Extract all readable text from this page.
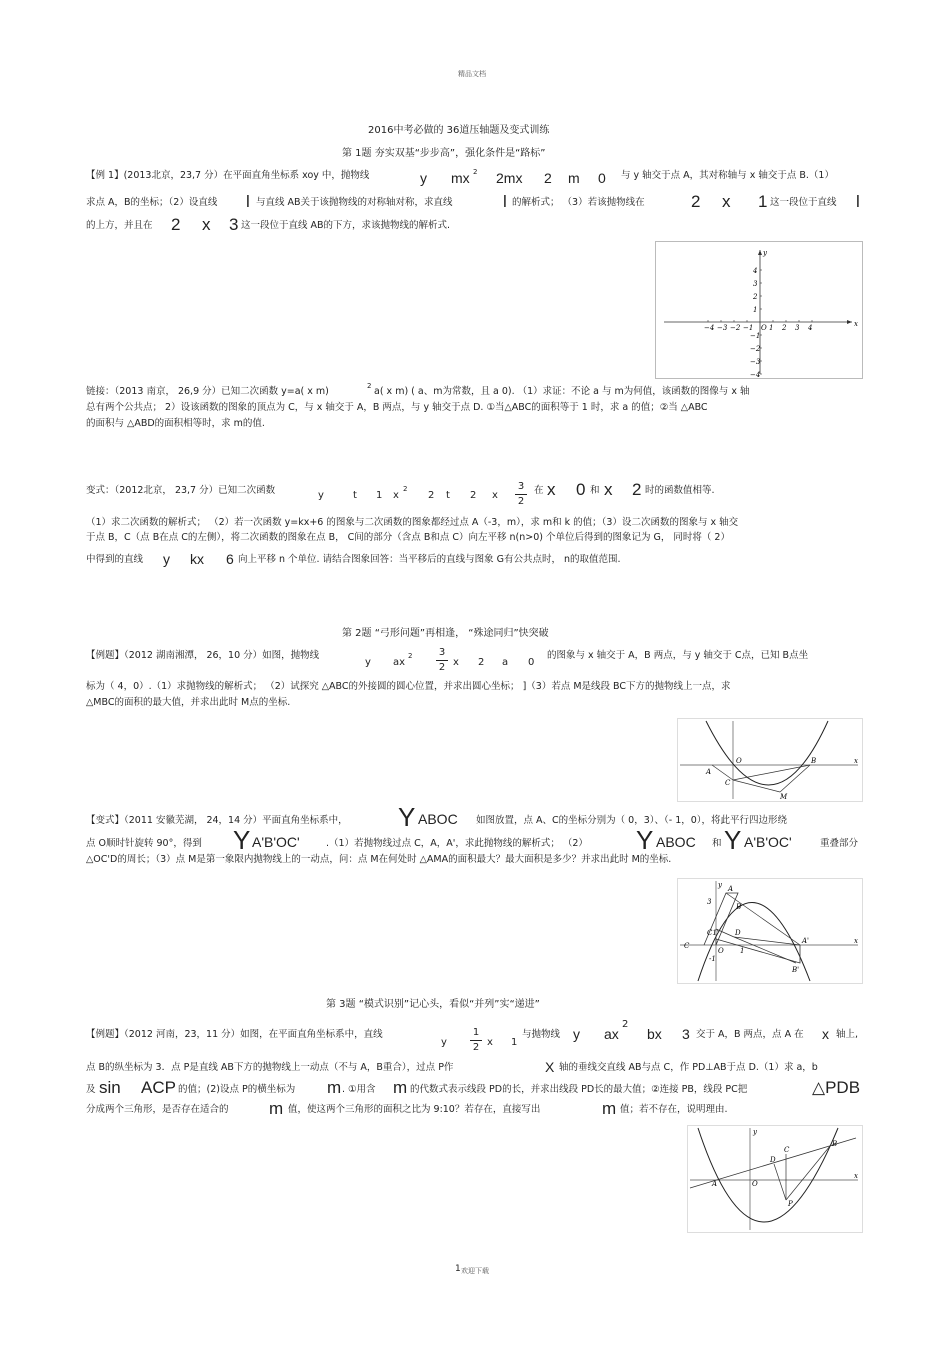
精品文档
2016中考必做的 36道压轴题及变式训练
第 1题 夯实双基“步步高”，强化条件是“路标”
【例 1】(2013北京，23,7 分）在平面直角坐标系 xoy 中，抛物线	y mx 2 2mx 2 m 0 与 y 轴交于点 A，其对称轴与 x 轴交于点 B.（1）
求点 A，B的坐标；（2）设直线 l 与直线 AB关于该抛物线的对称轴对称，求直线	l 的解析式； （3）若该抛物线在	2 x 1 这一段位于直线 l
的上方，并且在 2 x 3 这一段位于直线 AB的下方，求该抛物线的解析式.
−4 −3 −2 −1 O 1 2 3 4
4
3
2
1
−1
−2
−3
−4
x
y
链接：（2013 南京， 26,9 分）已知二次函数 y=a( x m)	2 a( x m) ( a、m为常数，且 a 0). （1）求证：不论 a 与 m为何值，该函数的图像与 x 轴
总有两个公共点； 2）设该函数的图象的顶点为 C，与 x 轴交于 A，B 两点，与 y 轴交于点 D. ①当△ABC的面积等于 1 时，求 a 的值；②当 △ABC
的面积与 △ABD的面积相等时，求 m的值.
变式：（2012北京， 23,7 分）已知二次函数	y	t 1 x
2
2 t 2 x
3
2
在 x 0 和 x 2 时的函数值相等.
（1）求二次函数的解析式； （2）若一次函数 y=kx+6 的图象与二次函数的图象都经过点 A（-3，m），求 m和 k 的值；（3）设二次函数的图象与 x 轴交
于点 B，C（点 B在点 C的左侧），将二次函数的图象在点 B， C间的部分（含点 B和点 C）向左平移 n(n>0) 个单位后得到的图象记为 G， 同时将（ 2）
中得到的直线 y kx 6 向上平移 n 个单位. 请结合图象回答：当平移后的直线与图象 G有公共点时， n的取值范围.
第 2题 “弓形问题”再相逢， “殊途同归”快突破
【例题】（2012 湖南湘潭， 26，10 分）如图，抛物线
y ax
2	3
2 x 2 a 0
的图象与 x 轴交于 A，B 两点，与 y 轴交于 C点，已知 B点坐
标为（ 4，0）.（1）求抛物线的解析式； （2）试探究 △ABC的外接圆的圆心位置，并求出圆心坐标； ]（3）若点 M是线段 BC下方的抛物线上一点，求
△MBC的面积的最大值，并求出此时 M点的坐标.
A
O	B
C
M
x
【变式】（2011 安徽芜湖， 24，14 分）平面直角坐标系中， Y ABOC 如图放置，点 A、C的坐标分别为（ 0，3）、（- 1，0），将此平行四边形绕
点 O顺时针旋转 90°，得到 Y A'B'OC'	.（1）若抛物线过点 C，A，A'，求此抛物线的解析式； （2） Y ABOC 和 Y A'B'OC'	重叠部分
△OC'D的周长；（3）点 M是第一象限内抛物线上的一动点，问：点 M在何处时 △AMA的面积最大？最大面积是多少？并求出此时 M的坐标.
y A
B
3
C1' D
C
O 1
-1
A'
B'
x
第 3题 “模式识别”记心头，看似“并列”实“递进”
【例题】（2012 河南，23，11 分）如图，在平面直角坐标系中，直线
y
1
2 x 1
与抛物线 y ax
2
bx 3 交于 A，B 两点，点 A 在 x 轴上,
点 B的纵坐标为 3．点 P是直线 AB下方的抛物线上一动点（不与 A，B重合），过点 P作	X 轴的垂线交直线 AB与点 C，作 PD⊥AB于点 D.（1）求 a，b
及 sin ACP 的值；(2)设点 P的横坐标为 m . ①用含 m 的代数式表示线段 PD的长，并求出线段 PD长的最大值；②连接 PB，线段 PC把	△PDB
分成两个三角形，是否存在适合的 m 值，使这两个三角形的面积之比为 9:10？若存在，直接写出	m 值；若不存在，说明理由.
y
C
B
D
A	O
P
x
1 欢迎下载
